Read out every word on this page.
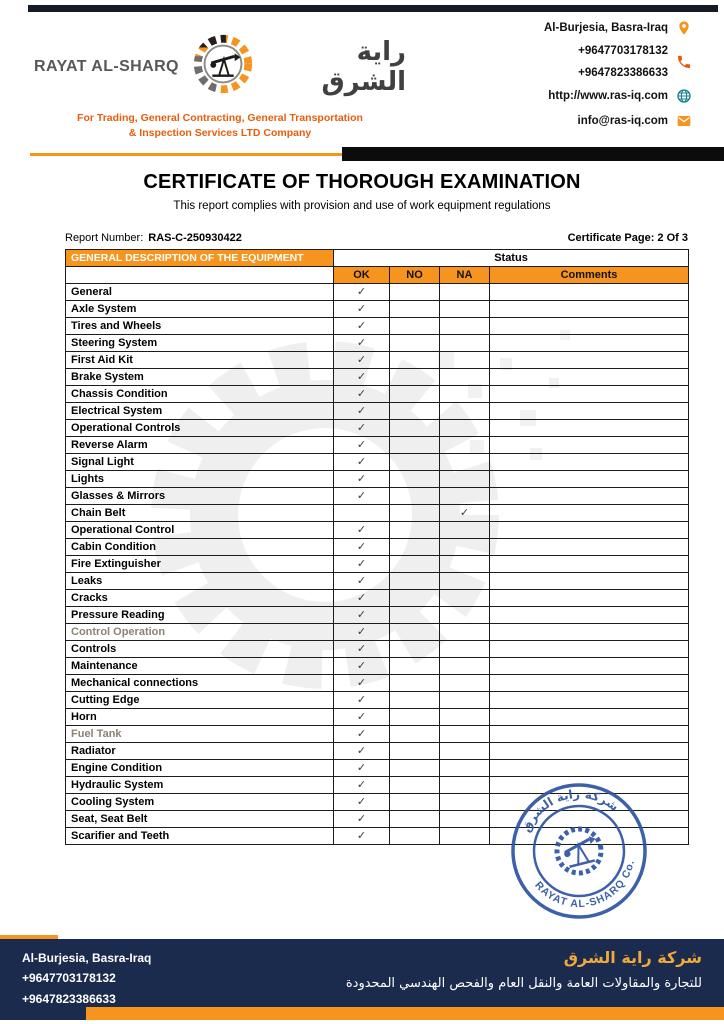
RAYAT AL-SHARQ	راية الشرق
For Trading, General Contracting, General Transportation
& Inspection Services LTD Company
Al-Burjesia, Basra-Iraq
+9647703178132
+9647823386633
http://www.ras-iq.com
info@ras-iq.com
CERTIFICATE OF THOROUGH EXAMINATION
This report complies with provision and use of work equipment regulations
Report Number: RAS-C-250930422	Certificate Page: 2 Of 3
GENERAL DESCRIPTION OF THE EQUIPMENT	Status			
	OK	NO	NA	Comments
General	✓			
Axle System	✓			
Tires and Wheels	✓			
Steering System	✓			
First Aid Kit	✓			
Brake System	✓			
Chassis Condition	✓			
Electrical System	✓			
Operational Controls	✓			
Reverse Alarm	✓			
Signal Light	✓			
Lights	✓			
Glasses & Mirrors	✓			
Chain Belt			✓	
Operational Control	✓			
Cabin Condition	✓			
Fire Extinguisher	✓			
Leaks	✓			
Cracks	✓			
Pressure Reading	✓			
Control Operation	✓			
Controls	✓			
Maintenance	✓			
Mechanical connections	✓			
Cutting Edge	✓			
Horn	✓			
Fuel Tank	✓			
Radiator	✓			
Engine Condition	✓			
Hydraulic System	✓			
Cooling System	✓			
Seat, Seat Belt	✓			
Scarifier and Teeth	✓			
شركة راية الشرق
RAYAT AL-SHARQ Co.
Al-Burjesia, Basra-Iraq
+9647703178132
+9647823386633
شركة راية الشرق
للتجارة والمقاولات العامة والنقل العام والفحص الهندسي المحدودة
